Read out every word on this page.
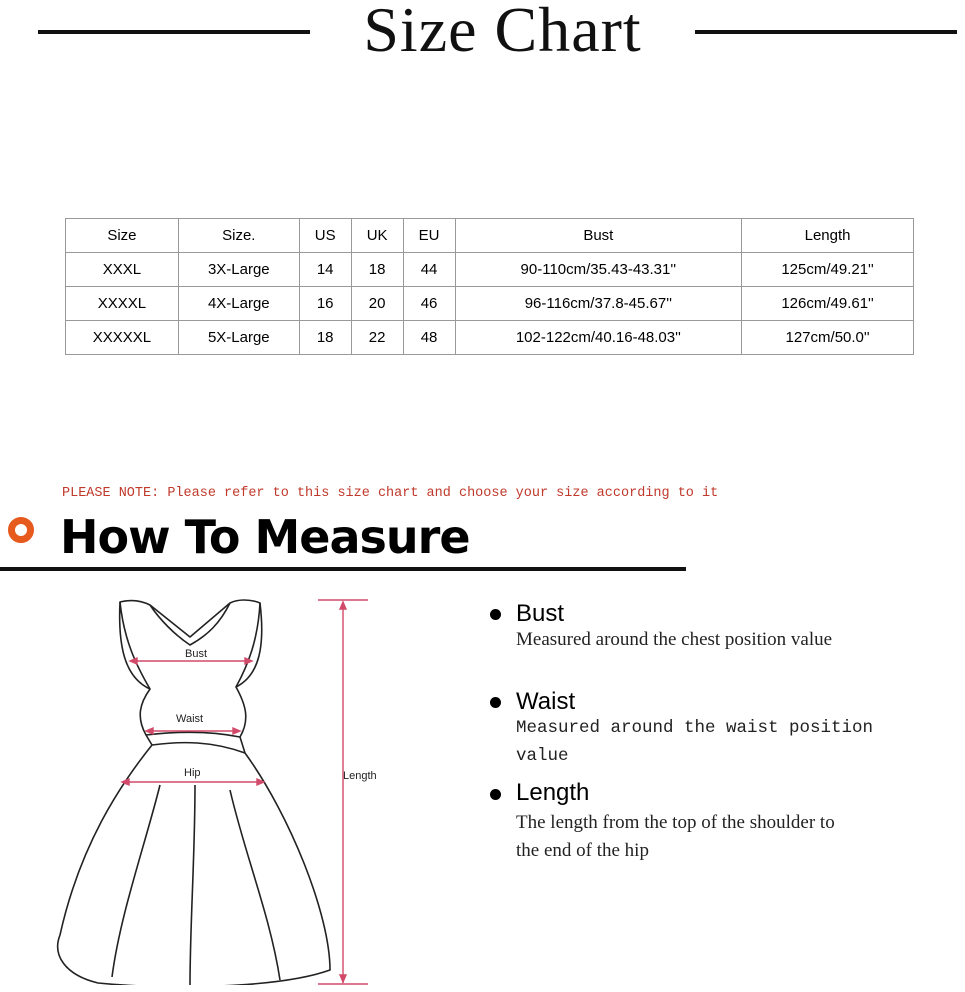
Size Chart
Size	Size.	US	UK	EU	Bust	Length
XXXL	3X-Large	14	18	44	90-110cm/35.43-43.31''	125cm/49.21''
XXXXL	4X-Large	16	20	46	96-116cm/37.8-45.67''	126cm/49.61''
XXXXXL	5X-Large	18	22	48	102-122cm/40.16-48.03''	127cm/50.0''
PLEASE NOTE: Please refer to this size chart and choose your size according to it
How To Measure
Bust
Waist
Hip	Length
Bust
Measured around the chest position value
Waist
Measured around the waist position value
Length
The length from the top of the shoulder to
the end of the hip
